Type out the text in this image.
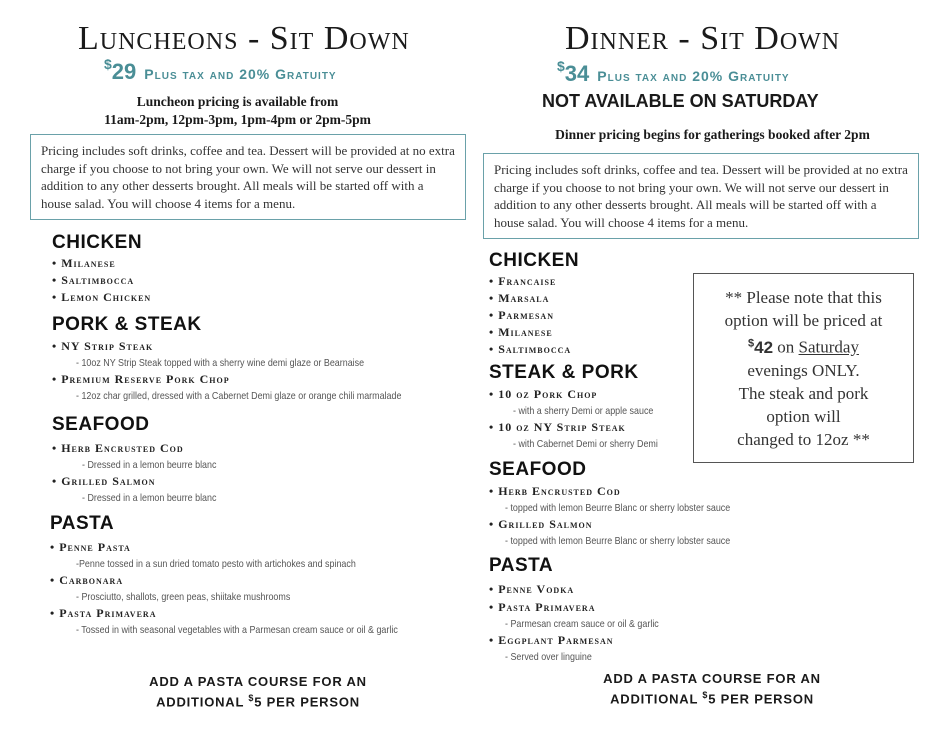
Luncheons - Sit Down
$29 Plus tax and 20% Gratuity
Luncheon pricing is available from
11am-2pm, 12pm-3pm, 1pm-4pm or 2pm-5pm
Pricing includes soft drinks, coffee and tea. Dessert will be provided at no extra charge if you choose to not bring your own. We will not serve our dessert in addition to any other desserts brought. All meals will be started off with a house salad. You will choose 4 items for a menu.
CHICKEN
• Milanese
• Saltimbocca
• Lemon Chicken
PORK & STEAK
• NY Strip Steak
- 10oz NY Strip Steak topped with a sherry wine demi glaze or Bearnaise
• Premium Reserve Pork Chop
- 12oz char grilled, dressed with a Cabernet Demi glaze or orange chili marmalade
SEAFOOD
• Herb Encrusted Cod
- Dressed in a lemon beurre blanc
• Grilled Salmon
- Dressed in a lemon beurre blanc
PASTA
• Penne Pasta
-Penne tossed in a sun dried tomato pesto with artichokes and spinach
• Carbonara
- Prosciutto, shallots, green peas, shiitake mushrooms
• Pasta Primavera
- Tossed in with seasonal vegetables with a Parmesan cream sauce or oil & garlic
ADD A PASTA COURSE FOR AN
ADDITIONAL $5 PER PERSON
Dinner - Sit Down
$34 Plus tax and 20% Gratuity
NOT AVAILABLE ON SATURDAY
Dinner pricing begins for gatherings booked after 2pm
Pricing includes soft drinks, coffee and tea. Dessert will be provided at no extra charge if you choose to not bring your own. We will not serve our dessert in addition to any other desserts brought. All meals will be started off with a house salad. You will choose 4 items for a menu.
CHICKEN
• Francaise
• Marsala
• Parmesan
• Milanese
• Saltimbocca
STEAK & PORK
• 10 oz Pork Chop
- with a sherry Demi or apple sauce
• 10 oz NY Strip Steak
- with Cabernet Demi or sherry Demi
SEAFOOD
• Herb Encrusted Cod
- topped with lemon Beurre Blanc or sherry lobster sauce
• Grilled Salmon
- topped with lemon Beurre Blanc or sherry lobster sauce
PASTA
• Penne Vodka
• Pasta Primavera
- Parmesan cream sauce or oil & garlic
• Eggplant Parmesan
- Served over linguine
** Please note that this
option will be priced at
$42 on Saturday
evenings ONLY.
The steak and pork
option will
changed to 12oz **
ADD A PASTA COURSE FOR AN
ADDITIONAL $5 PER PERSON
